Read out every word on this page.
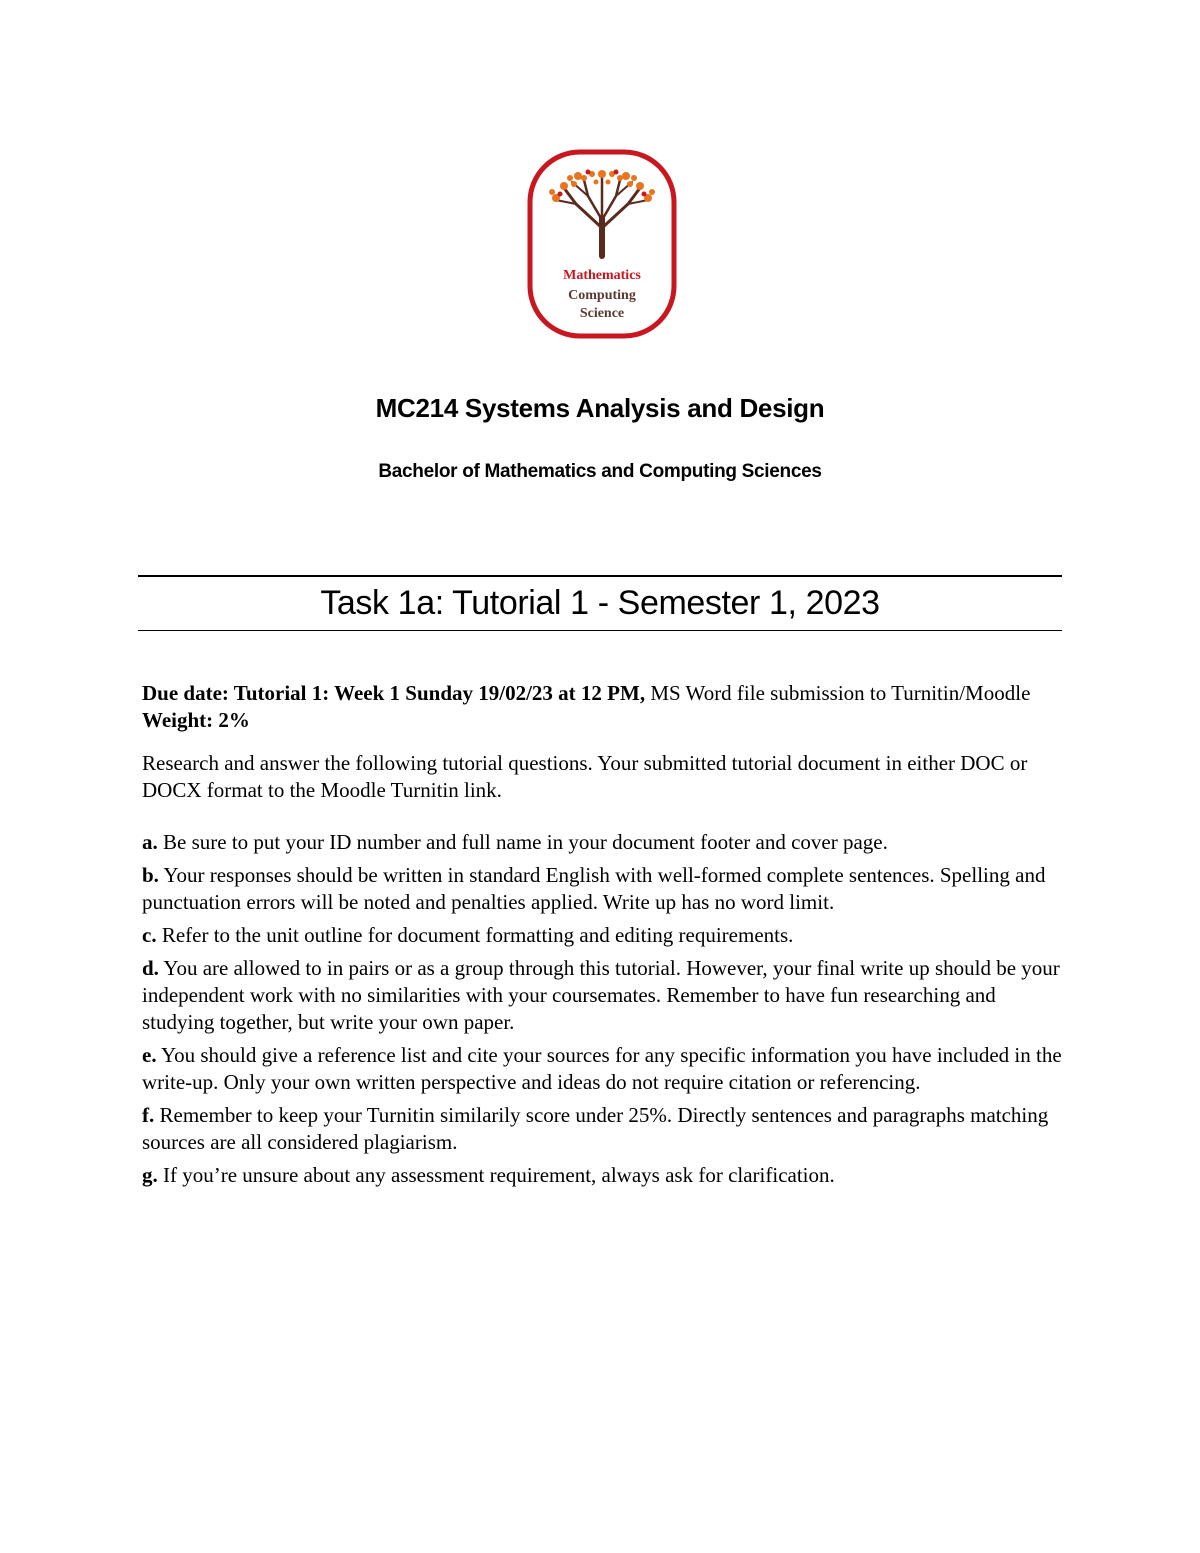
Mathematics
Computing
Science
MC214 Systems Analysis and Design
Bachelor of Mathematics and Computing Sciences
Task 1a: Tutorial 1 - Semester 1, 2023

Due date: Tutorial 1: Week 1 Sunday 19/02/23 at 12 PM, MS Word file submission to Turnitin/Moodle

Weight: 2%

Research and answer the following tutorial questions. Your submitted tutorial document in either DOC or DOCX format to the Moodle Turnitin link.

a. Be sure to put your ID number and full name in your document footer and cover page.

b. Your responses should be written in standard English with well-formed complete sentences. Spelling and punctuation errors will be noted and penalties applied. Write up has no word limit.

c. Refer to the unit outline for document formatting and editing requirements.

d. You are allowed to in pairs or as a group through this tutorial. However, your final write up should be your independent work with no similarities with your coursemates. Remember to have fun researching and studying together, but write your own paper.

e. You should give a reference list and cite your sources for any specific information you have included in the write-up. Only your own written perspective and ideas do not require citation or referencing.

f. Remember to keep your Turnitin similarily score under 25%. Directly sentences and paragraphs matching sources are all considered plagiarism.

g. If you’re unsure about any assessment requirement, always ask for clarification.
